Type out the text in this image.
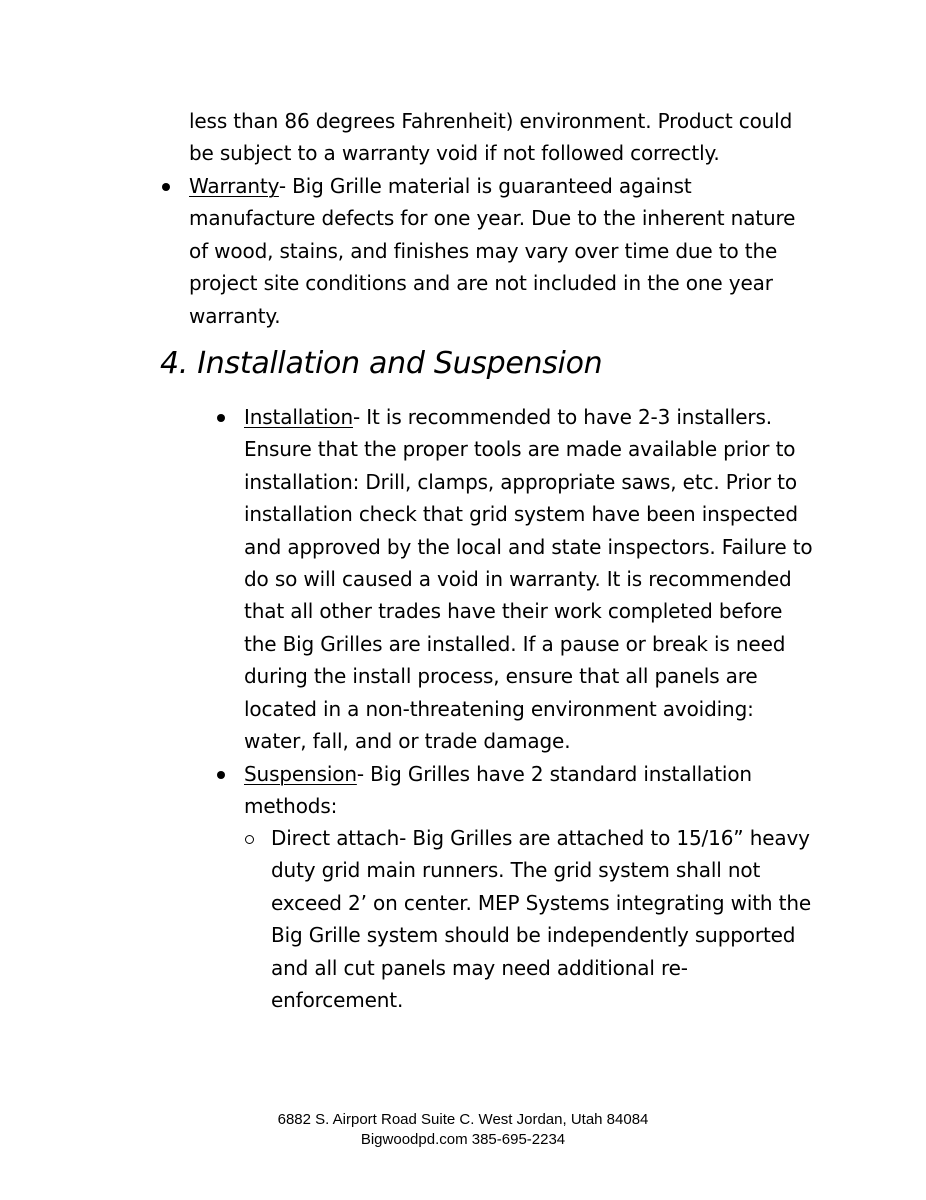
less than 86 degrees Fahrenheit) environment. Product could
be subject to a warranty void if not followed correctly.

Warranty- Big Grille material is guaranteed against
manufacture defects for one year. Due to the inherent nature
of wood, stains, and finishes may vary over time due to the
project site conditions and are not included in the one year
warranty.

4. Installation and Suspension

Installation- It is recommended to have 2-3 installers.
Ensure that the proper tools are made available prior to
installation: Drill, clamps, appropriate saws, etc. Prior to
installation check that grid system have been inspected
and approved by the local and state inspectors. Failure to
do so will caused a void in warranty. It is recommended
that all other trades have their work completed before
the Big Grilles are installed. If a pause or break is need
during the install process, ensure that all panels are
located in a non-threatening environment avoiding:
water, fall, and or trade damage.

Suspension- Big Grilles have 2 standard installation
methods:

Direct attach- Big Grilles are attached to 15/16” heavy
duty grid main runners. The grid system shall not
exceed 2’ on center. MEP Systems integrating with the
Big Grille system should be independently supported
and all cut panels may need additional re-
enforcement.

6882 S. Airport Road Suite C. West Jordan, Utah 84084
Bigwoodpd.com 385-695-2234
